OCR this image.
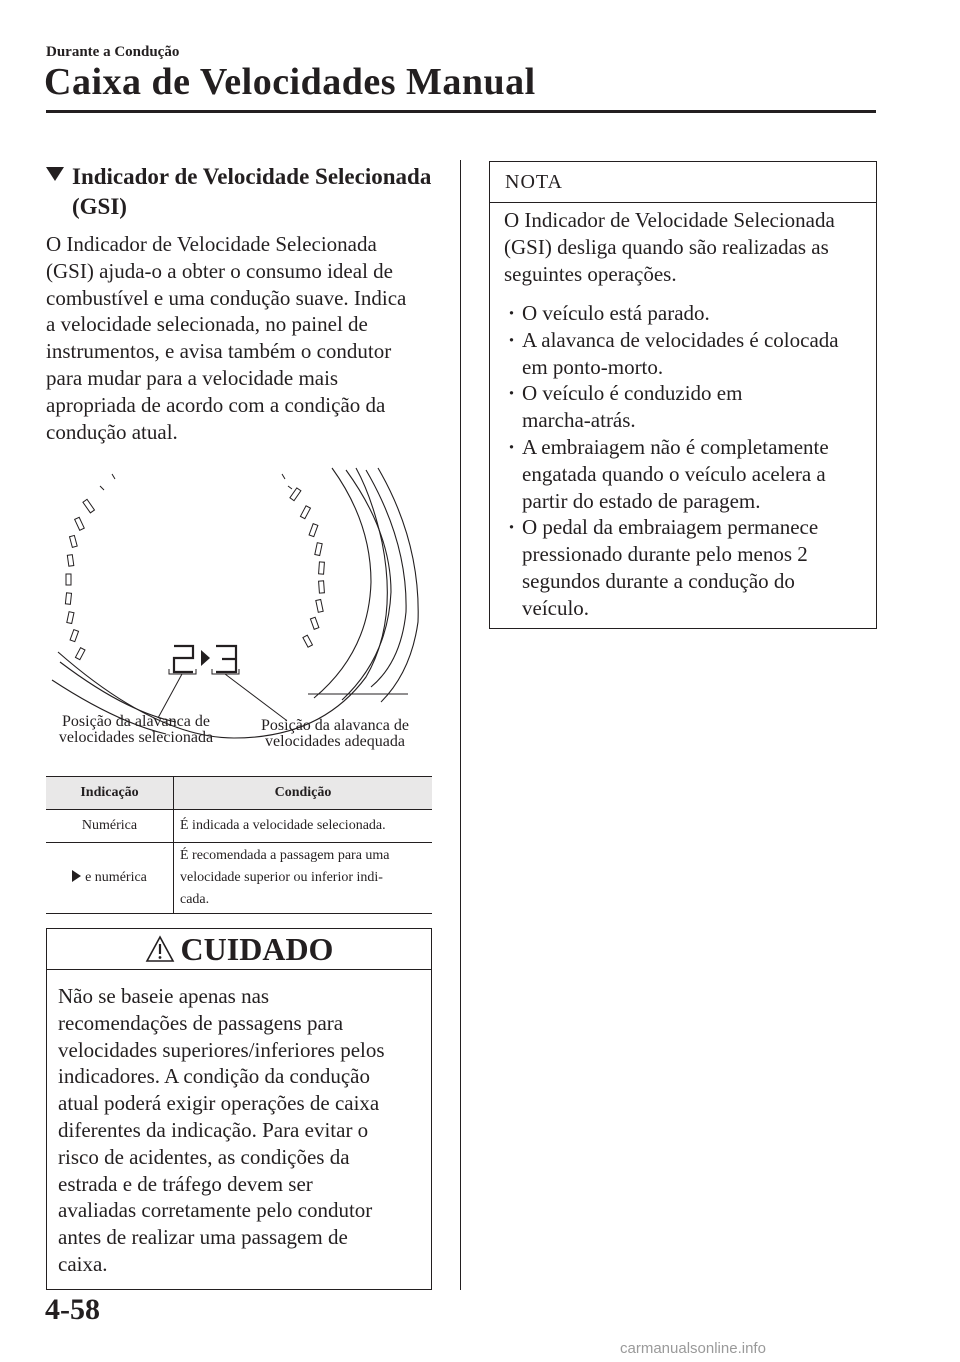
Durante a Condução
Caixa de Velocidades Manual
Indicador de Velocidade Selecionada
(GSI)
O Indicador de Velocidade Selecionada
(GSI) ajuda-o a obter o consumo ideal de
combustível e uma condução suave. Indica
a velocidade selecionada, no painel de
instrumentos, e avisa também o condutor
para mudar para a velocidade mais
apropriada de acordo com a condição da
condução atual.
Posição da alavanca de
velocidades selecionada
Posição da alavanca de
velocidades adequada
Indicação	Condição
Numérica	É indicada a velocidade selecionada.
e numérica	É recomendada a passagem para uma
velocidade superior ou inferior indi-
cada.
CUIDADO
Não se baseie apenas nas
recomendações de passagens para
velocidades superiores/inferiores pelos
indicadores. A condição da condução
atual poderá exigir operações de caixa
diferentes da indicação. Para evitar o
risco de acidentes, as condições da
estrada e de tráfego devem ser
avaliadas corretamente pelo condutor
antes de realizar uma passagem de
caixa.
NOTA
O Indicador de Velocidade Selecionada
(GSI) desliga quando são realizadas as
seguintes operações.
· O veículo está parado.
· A alavanca de velocidades é colocada
em ponto-morto.
· O veículo é conduzido em
marcha-atrás.
· A embraiagem não é completamente
engatada quando o veículo acelera a
partir do estado de paragem.
· O pedal da embraiagem permanece
pressionado durante pelo menos 2
segundos durante a condução do
veículo.
4-58
carmanualsonline.info
